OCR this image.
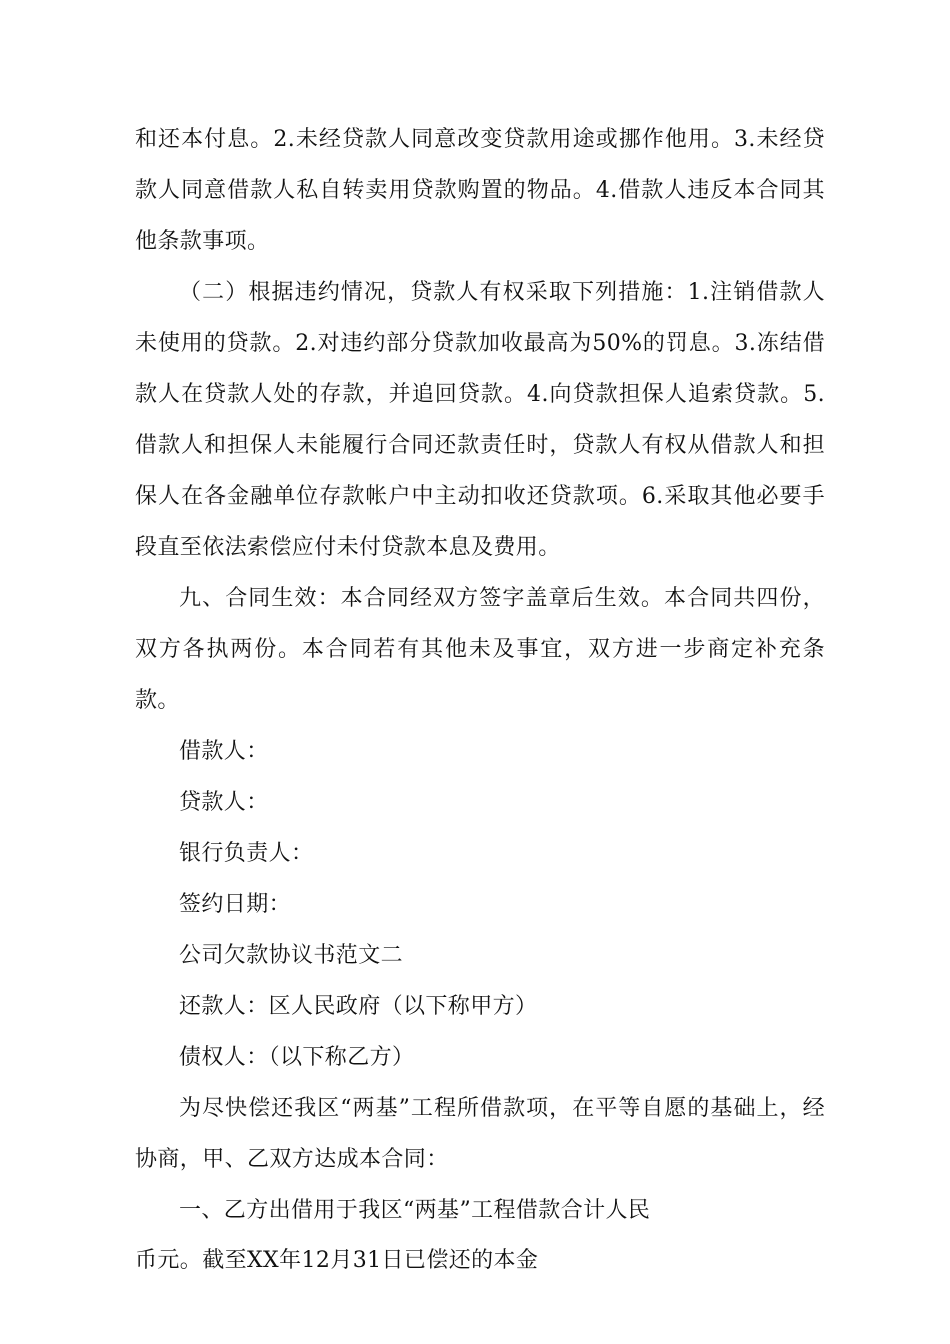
和还本付息。2.未经贷款人同意改变贷款用途或挪作他用。3.未经贷款人同意借款人私自转卖用贷款购置的物品。4.借款人违反本合同其他条款事项。

（二）根据违约情况，贷款人有权采取下列措施：1.注销借款人未使用的贷款。2.对违约部分贷款加收最高为50%的罚息。3.冻结借款人在贷款人处的存款，并追回贷款。4.向贷款担保人追索贷款。5.借款人和担保人未能履行合同还款责任时，贷款人有权从借款人和担保人在各金融单位存款帐户中主动扣收还贷款项。6.采取其他必要手段直至依法索偿应付未付贷款本息及费用。

九、合同生效：本合同经双方签字盖章后生效。本合同共四份，双方各执两份。本合同若有其他未及事宜，双方进一步商定补充条款。

借款人：

贷款人：

银行负责人：

签约日期：

公司欠款协议书范文二

还款人：区人民政府（以下称甲方）

债权人：（以下称乙方）

为尽快偿还我区“两基”工程所借款项，在平等自愿的基础上，经协商，甲、乙双方达成本合同：

一、乙方出借用于我区“两基”工程借款合计人民

币元。截至XX年12月31日已偿还的本金
